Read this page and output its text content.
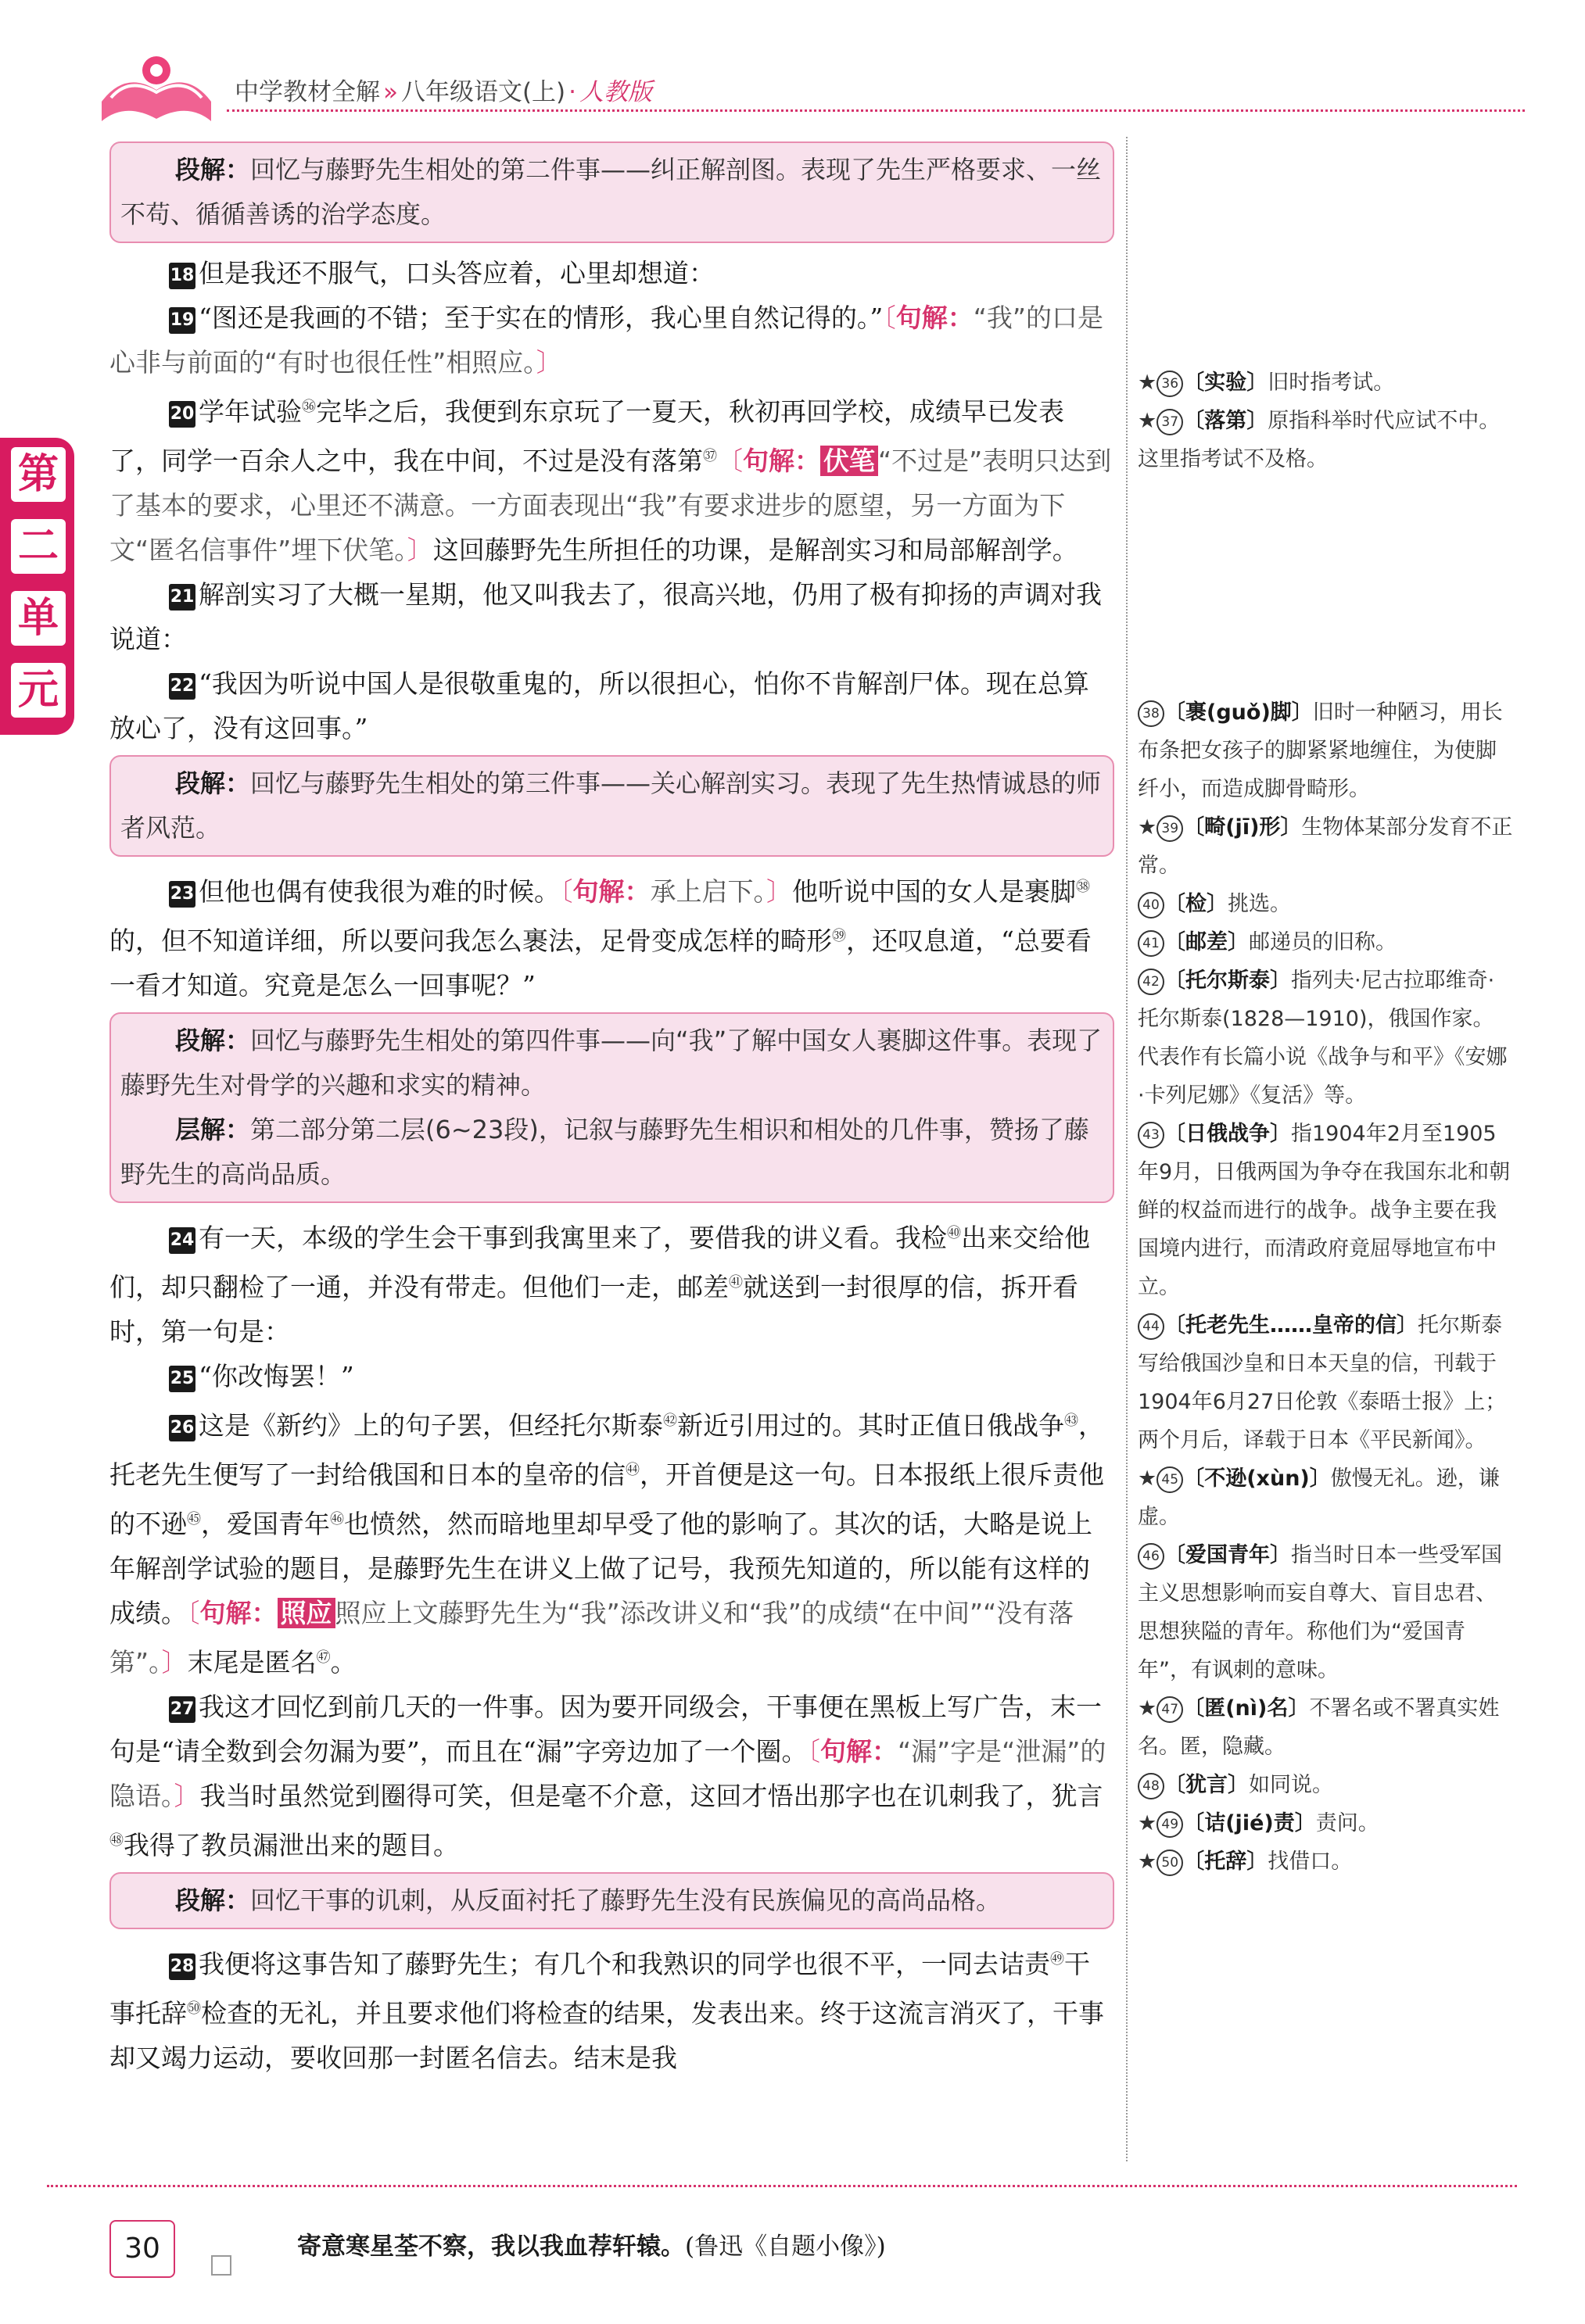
中学教材全解 » 八年级语文(上) · 人教版
第
二
单
元
段解：回忆与藤野先生相处的第二件事——纠正解剖图。表现了先生严格要求、一丝不苟、循循善诱的治学态度。

18 但是我还不服气，口头答应着，心里却想道：

19 “图还是我画的不错；至于实在的情形，我心里自然记得的。”〔句解：“我”的口是心非与前面的“有时也很任性”相照应。〕

20 学年试验$^㊱$完毕之后，我便到东京玩了一夏天，秋初再回学校，成绩早已发表了，同学一百余人之中，我在中间，不过是没有落第$^㊲$〔句解： 伏笔 “不过是”表明只达到了基本的要求，心里还不满意。一方面表现出“我”有要求进步的愿望，另一方面为下文“匿名信事件”埋下伏笔。〕这回藤野先生所担任的功课，是解剖实习和局部解剖学。

21 解剖实习了大概一星期，他又叫我去了，很高兴地，仍用了极有抑扬的声调对我说道：

22 “我因为听说中国人是很敬重鬼的，所以很担心，怕你不肯解剖尸体。现在总算放心了，没有这回事。”

段解：回忆与藤野先生相处的第三件事——关心解剖实习。表现了先生热情诚恳的师者风范。

23 但他也偶有使我很为难的时候。〔句解：承上启下。〕他听说中国的女人是裹脚$^㊳$的，但不知道详细，所以要问我怎么裹法，足骨变成怎样的畸形$^㊴$，还叹息道，“总要看一看才知道。究竟是怎么一回事呢？”

段解：回忆与藤野先生相处的第四件事——向“我”了解中国女人裹脚这件事。表现了藤野先生对骨学的兴趣和求实的精神。
层解：第二部分第二层(6~23段)，记叙与藤野先生相识和相处的几件事，赞扬了藤野先生的高尚品质。

24 有一天，本级的学生会干事到我寓里来了，要借我的讲义看。我检$^㊵$出来交给他们，却只翻检了一通，并没有带走。但他们一走，邮差$^㊶$就送到一封很厚的信，拆开看时，第一句是：

25 “你改悔罢！”

26 这是《新约》上的句子罢，但经托尔斯泰$^㊷$新近引用过的。其时正值日俄战争$^㊸$，托老先生便写了一封给俄国和日本的皇帝的信$^㊹$，开首便是这一句。日本报纸上很斥责他的不逊$^㊺$，爱国青年$^㊻$也愤然，然而暗地里却早受了他的影响了。其次的话，大略是说上年解剖学试验的题目，是藤野先生在讲义上做了记号，我预先知道的，所以能有这样的成绩。〔句解： 照应 照应上文藤野先生为“我”添改讲义和“我”的成绩“在中间”“没有落第”。〕末尾是匿名$^㊼$。

27 我这才回忆到前几天的一件事。因为要开同级会，干事便在黑板上写广告，末一句是“请全数到会勿漏为要”，而且在“漏”字旁边加了一个圈。〔句解：“漏”字是“泄漏”的隐语。〕我当时虽然觉到圈得可笑，但是毫不介意，这回才悟出那字也在讥刺我了，犹言$^㊽$我得了教员漏泄出来的题目。

段解：回忆干事的讥刺，从反面衬托了藤野先生没有民族偏见的高尚品格。

28 我便将这事告知了藤野先生；有几个和我熟识的同学也很不平，一同去诘责$^㊾$干事托辞$^㊿$检查的无礼，并且要求他们将检查的结果，发表出来。终于这流言消灭了，干事却又竭力运动，要收回那一封匿名信去。结末是我

★ 36 〔实验〕旧时指考试。

★ 37 〔落第〕原指科举时代应试不中。这里指考试不及格。

38 〔裹(guǒ)脚〕旧时一种陋习，用长布条把女孩子的脚紧紧地缠住，为使脚纤小，而造成脚骨畸形。

★ 39 〔畸(jī)形〕生物体某部分发育不正常。

40 〔检〕挑选。

41 〔邮差〕邮递员的旧称。

42 〔托尔斯泰〕指列夫·尼古拉耶维奇·托尔斯泰(1828—1910)，俄国作家。代表作有长篇小说《战争与和平》《安娜·卡列尼娜》《复活》等。

43 〔日俄战争〕指1904年2月至1905年9月，日俄两国为争夺在我国东北和朝鲜的权益而进行的战争。战争主要在我国境内进行，而清政府竟屈辱地宣布中立。

44 〔托老先生……皇帝的信〕托尔斯泰写给俄国沙皇和日本天皇的信，刊载于1904年6月27日伦敦《泰晤士报》上；两个月后，译载于日本《平民新闻》。

★ 45 〔不逊(xùn)〕傲慢无礼。逊，谦虚。

46 〔爱国青年〕指当时日本一些受军国主义思想影响而妄自尊大、盲目忠君、思想狭隘的青年。称他们为“爱国青年”，有讽刺的意味。

★ 47 〔匿(nì)名〕不署名或不署真实姓名。匿，隐藏。

48 〔犹言〕如同说。

★ 49 〔诘(jié)责〕责问。

★ 50 〔托辞〕找借口。

30	寄意寒星荃不察，我以我血荐轩辕。(鲁迅《自题小像》)
